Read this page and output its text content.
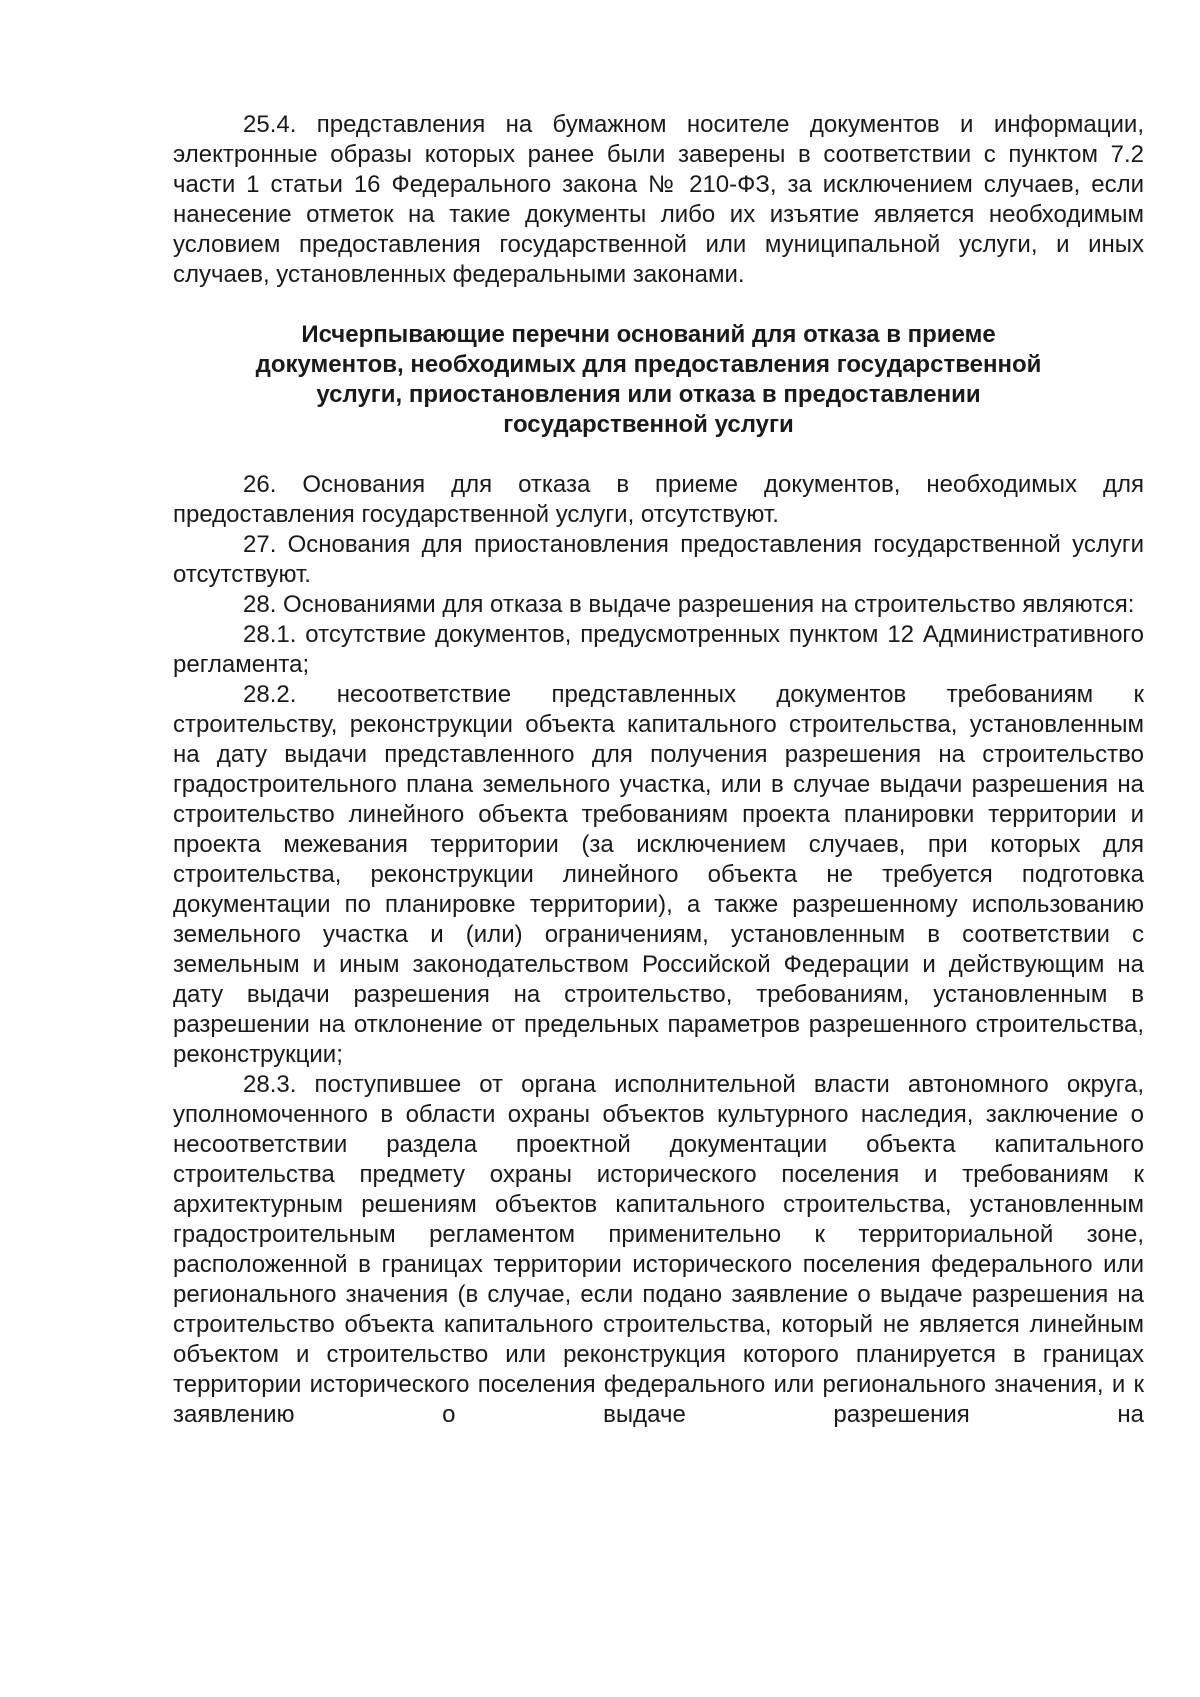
25.4. представления на бумажном носителе документов и информации, электронные образы которых ранее были заверены в соответствии с пунктом 7.2 части 1 статьи 16 Федерального закона № 210-ФЗ, за исключением случаев, если нанесение отметок на такие документы либо их изъятие является необходимым условием предоставления государственной или муниципальной услуги, и иных случаев, установленных федеральными законами.

Исчерпывающие перечни оснований для отказа в приеме
документов, необходимых для предоставления государственной
услуги, приостановления или отказа в предоставлении
государственной услуги

26. Основания для отказа в приеме документов, необходимых для предоставления государственной услуги, отсутствуют.

27. Основания для приостановления предоставления государственной услуги отсутствуют.

28. Основаниями для отказа в выдаче разрешения на строительство являются:

28.1. отсутствие документов, предусмотренных пунктом 12 Административного регламента;

28.2. несоответствие представленных документов требованиям к строительству, реконструкции объекта капитального строительства, установленным на дату выдачи представленного для получения разрешения на строительство градостроительного плана земельного участка, или в случае выдачи разрешения на строительство линейного объекта требованиям проекта планировки территории и проекта межевания территории (за исключением случаев, при которых для строительства, реконструкции линейного объекта не требуется подготовка документации по планировке территории), а также разрешенному использованию земельного участка и (или) ограничениям, установленным в соответствии с земельным и иным законодательством Российской Федерации и действующим на дату выдачи разрешения на строительство, требованиям, установленным в разрешении на отклонение от предельных параметров разрешенного строительства, реконструкции;

28.3. поступившее от органа исполнительной власти автономного округа, уполномоченного в области охраны объектов культурного наследия, заключение о несоответствии раздела проектной документации объекта капитального строительства предмету охраны исторического поселения и требованиям к архитектурным решениям объектов капитального строительства, установленным градостроительным регламентом применительно к территориальной зоне, расположенной в границах территории исторического поселения федерального или регионального значения (в случае, если подано заявление о выдаче разрешения на строительство объекта капитального строительства, который не является линейным объектом и строительство или реконструкция которого планируется в границах территории исторического поселения федерального или регионального значения, и к заявлению о выдаче разрешения на
